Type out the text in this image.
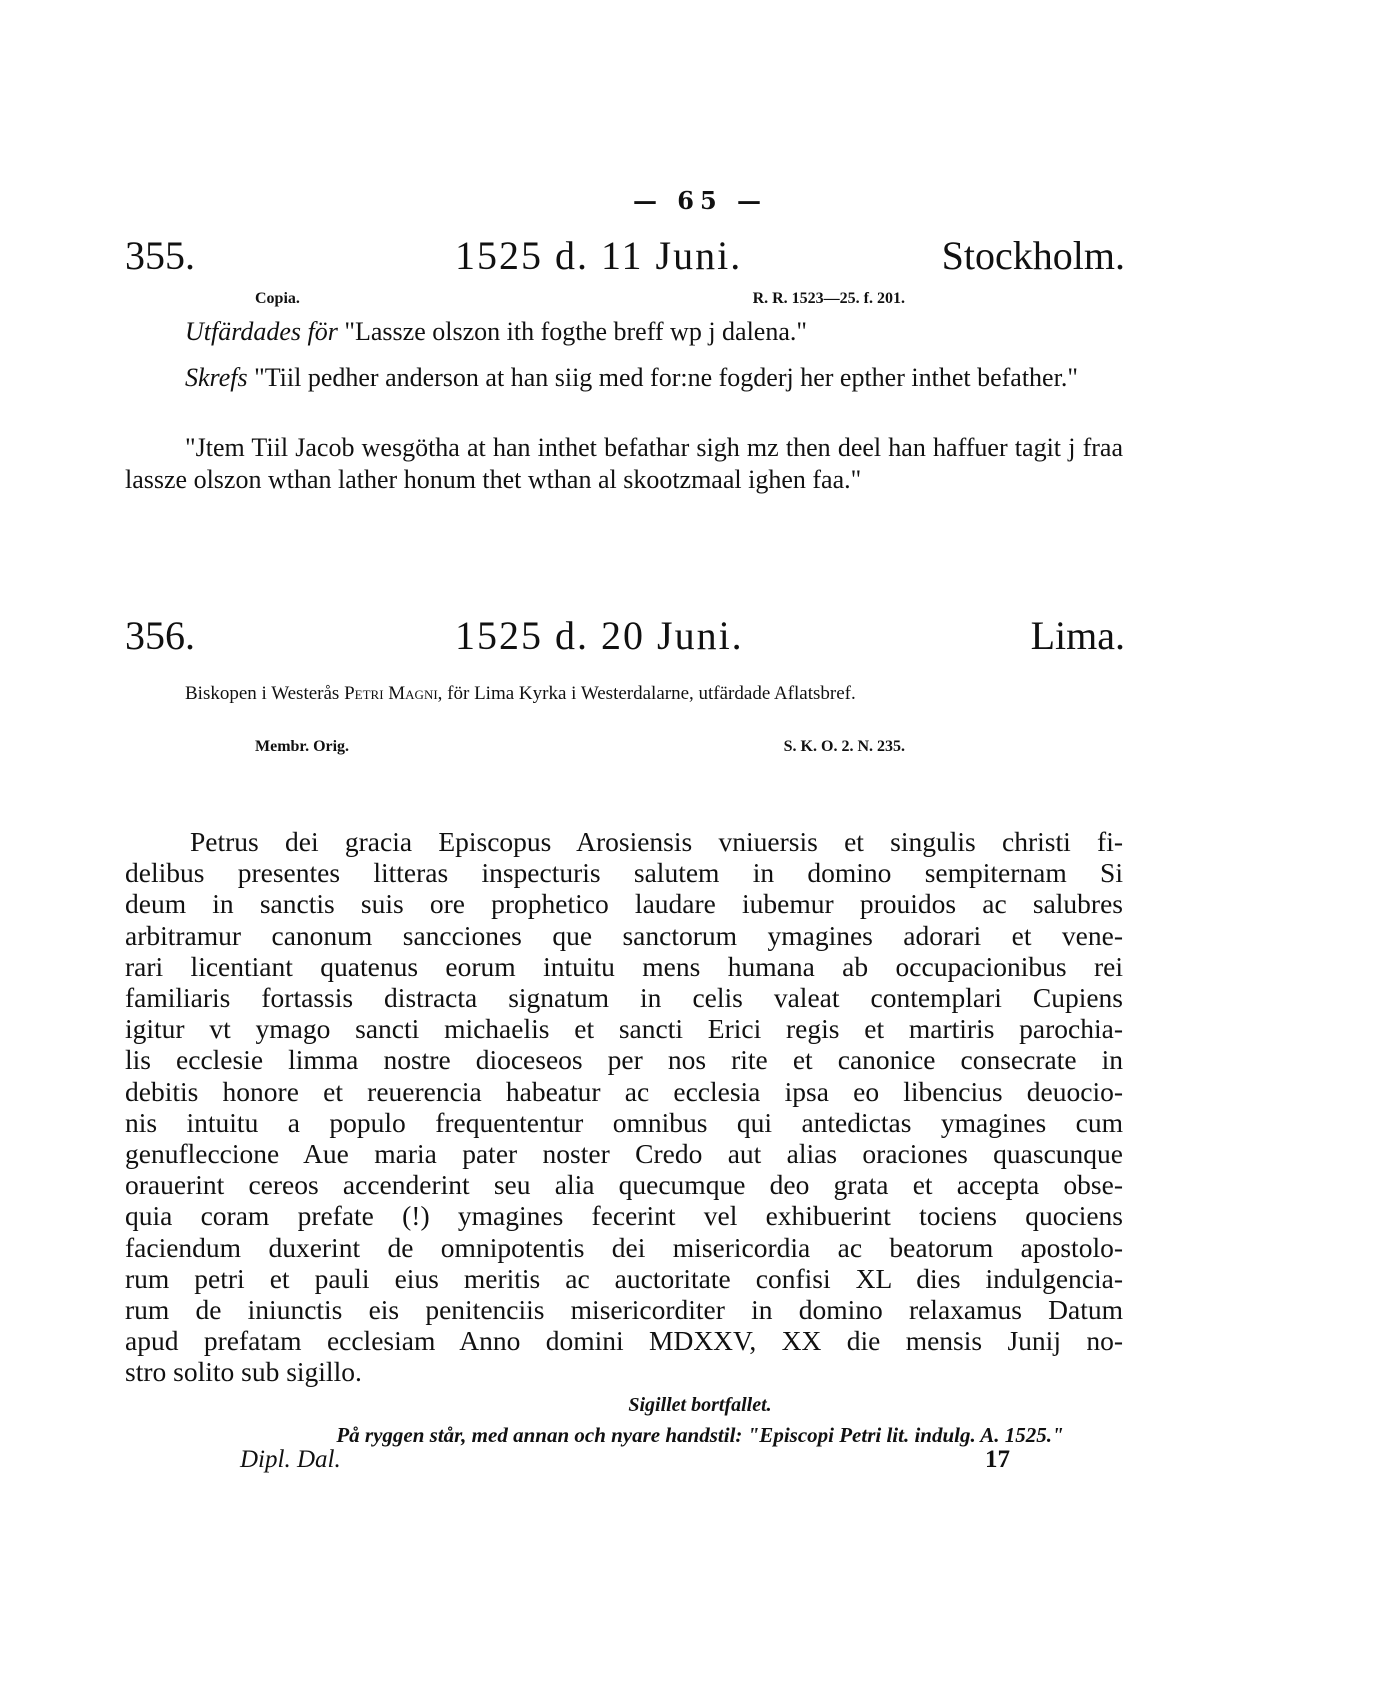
— 65 —
355.	1525 d. 11 Juni.	Stockholm.
Copia.	R. R. 1523—25. f. 201.

Utfärdades för "Lassze olszon ith fogthe breff wp j dalena."

Skrefs "Tiil pedher anderson at han siig med for:ne fogderj her epther inthet befather."

"Jtem Tiil Jacob wesgötha at han inthet befathar sigh mz then deel han haffuer tagit j fraa lassze olszon wthan lather honum thet wthan al skootzmaal ighen faa."

356.	1525 d. 20 Juni.	Lima.

Biskopen i Westerås Petri Magni, för Lima Kyrka i Westerdalarne, utfärdade Aflatsbref.

Membr. Orig.	S. K. O. 2. N. 235.
Petrus dei gracia Episcopus Arosiensis vniuersis et singulis christi fi-
delibus presentes litteras inspecturis salutem in domino sempiternam Si
deum in sanctis suis ore prophetico laudare iubemur prouidos ac salubres
arbitramur canonum sancciones que sanctorum ymagines adorari et vene-
rari licentiant quatenus eorum intuitu mens humana ab occupacionibus rei
familiaris fortassis distracta signatum in celis valeat contemplari Cupiens
igitur vt ymago sancti michaelis et sancti Erici regis et martiris parochia-
lis ecclesie limma nostre dioceseos per nos rite et canonice consecrate in
debitis honore et reuerencia habeatur ac ecclesia ipsa eo libencius deuocio-
nis intuitu a populo frequententur omnibus qui antedictas ymagines cum
genufleccione Aue maria pater noster Credo aut alias oraciones quascunque
orauerint cereos accenderint seu alia quecumque deo grata et accepta obse-
quia coram prefate (!) ymagines fecerint vel exhibuerint tociens quociens
faciendum duxerint de omnipotentis dei misericordia ac beatorum apostolo-
rum petri et pauli eius meritis ac auctoritate confisi XL dies indulgencia-
rum de iniunctis eis penitenciis misericorditer in domino relaxamus Datum
apud prefatam ecclesiam Anno domini MDXXV, XX die mensis Junij no-
stro solito sub sigillo.
Sigillet bortfallet.
På ryggen står, med annan och nyare handstil: "Episcopi Petri lit. indulg. A. 1525."
Dipl. Dal.	17
